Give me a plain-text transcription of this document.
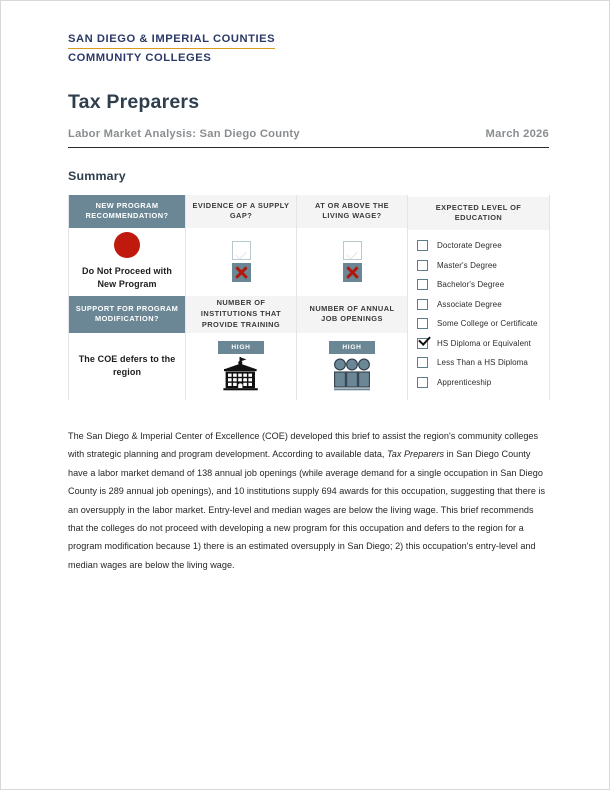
SAN DIEGO & IMPERIAL COUNTIES
COMMUNITY COLLEGES
Tax Preparers
Labor Market Analysis: San Diego County	March 2026
Summary
NEW PROGRAM RECOMMENDATION?
EVIDENCE OF A SUPPLY GAP?
AT OR ABOVE THE LIVING WAGE?
EXPECTED LEVEL OF EDUCATION
Doctorate Degree
Master's Degree
Bachelor's Degree
Associate Degree
Some College or Certificate
HS Diploma or Equivalent
Less Than a HS Diploma
Apprenticeship
Do Not Proceed with New Program
SUPPORT FOR PROGRAM MODIFICATION?
NUMBER OF INSTITUTIONS THAT PROVIDE TRAINING
NUMBER OF ANNUAL JOB OPENINGS
The COE defers to the region
HIGH	HIGH

The San Diego & Imperial Center of Excellence (COE) developed this brief to assist the region's community colleges with strategic planning and program development. According to available data, Tax Preparers in San Diego County have a labor market demand of 138 annual job openings (while average demand for a single occupation in San Diego County is 289 annual job openings), and 10 institutions supply 694 awards for this occupation, suggesting that there is an oversupply in the labor market. Entry-level and median wages are below the living wage. This brief recommends that the colleges do not proceed with developing a new program for this occupation and defers to the region for a program modification because 1) there is an estimated oversupply in San Diego; 2) this occupation's entry-level and median wages are below the living wage.
